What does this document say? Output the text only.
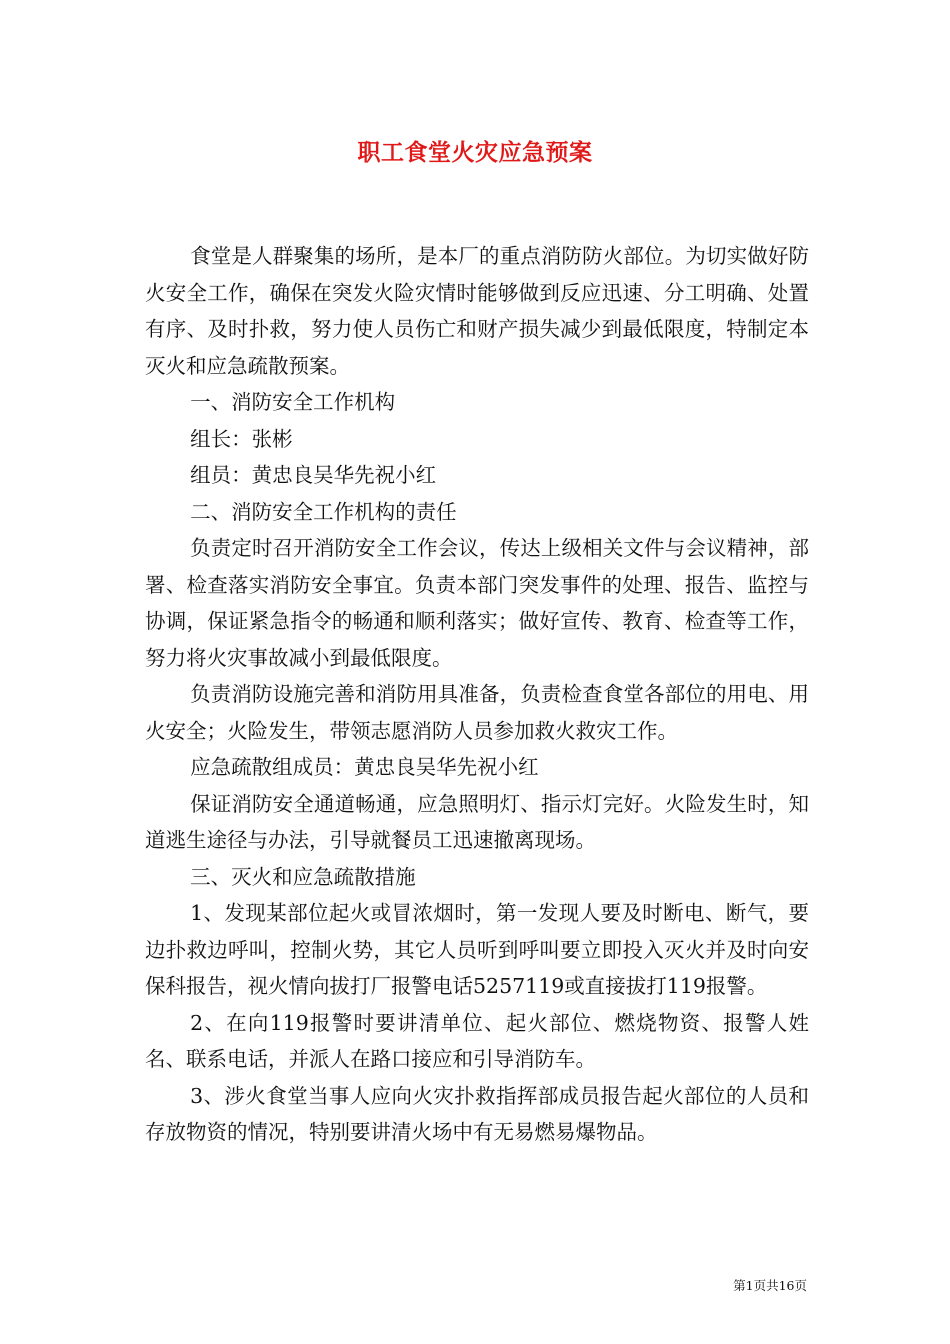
职工食堂火灾应急预案

食堂是人群聚集的场所，是本厂的重点消防防火部位。为切实做好防火安全工作，确保在突发火险灾情时能够做到反应迅速、分工明确、处置有序、及时扑救，努力使人员伤亡和财产损失减少到最低限度，特制定本灭火和应急疏散预案。

一、消防安全工作机构

组长：张彬

组员：黄忠良吴华先祝小红

二、消防安全工作机构的责任

负责定时召开消防安全工作会议，传达上级相关文件与会议精神，部署、检查落实消防安全事宜。负责本部门突发事件的处理、报告、监控与协调，保证紧急指令的畅通和顺利落实；做好宣传、教育、检查等工作，努力将火灾事故减小到最低限度。

负责消防设施完善和消防用具准备，负责检查食堂各部位的用电、用火安全；火险发生，带领志愿消防人员参加救火救灾工作。

应急疏散组成员：黄忠良吴华先祝小红

保证消防安全通道畅通，应急照明灯、指示灯完好。火险发生时，知道逃生途径与办法，引导就餐员工迅速撤离现场。

三、灭火和应急疏散措施

1、发现某部位起火或冒浓烟时，第一发现人要及时断电、断气，要边扑救边呼叫，控制火势，其它人员听到呼叫要立即投入灭火并及时向安保科报告，视火情向拔打厂报警电话5257119或直接拔打119报警。

2、在向119报警时要讲清单位、起火部位、燃烧物资、报警人姓名、联系电话，并派人在路口接应和引导消防车。

3、涉火食堂当事人应向火灾扑救指挥部成员报告起火部位的人员和存放物资的情况，特别要讲清火场中有无易燃易爆物品。

第1页共16页
